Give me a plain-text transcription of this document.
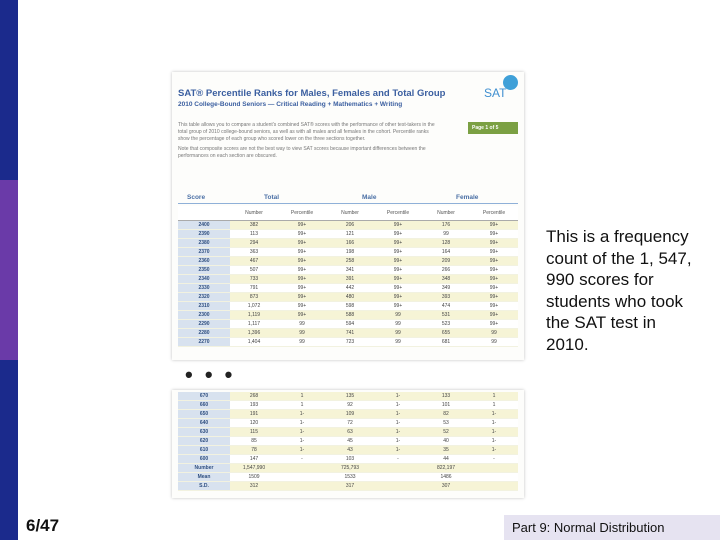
SAT
SAT® Percentile Ranks for Males, Females and Total Group
2010 College-Bound Seniors — Critical Reading + Mathematics + Writing

This table allows you to compare a student's combined SAT® scores with the performance of other test-takers in the total group of 2010 college-bound seniors, as well as with all males and all females in the cohort. Percentile ranks show the percentage of each group who scored lower on the three sections together.

Note that composite scores are not the best way to view SAT scores because important differences between the performances on each section are obscured.

Page 1 of 5
Score	Total	Male	Female
	Number	Percentile	Number	Percentile	Number	Percentile
2400	382	99+	206	99+	176	99+
2390	113	99+	121	99+	99	99+
2380	294	99+	166	99+	128	99+
2370	363	99+	198	99+	164	99+
2360	467	99+	258	99+	209	99+
2350	507	99+	341	99+	266	99+
2340	733	99+	391	99+	348	99+
2330	791	99+	442	99+	349	99+
2320	873	99+	480	99+	393	99+
2310	1,072	99+	598	99+	474	99+
2300	1,119	99+	588	99	531	99+
2290	1,117	99	594	99	523	99+
2280	1,396	99	741	99	655	99
2270	1,404	99	723	99	681	99
• • •
670	268	1	135	1-	133	1
660	193	1	92	1-	101	1
650	191	1-	109	1-	82	1-
640	120	1-	72	1-	53	1-
630	115	1-	63	1-	52	1-
620	85	1-	45	1-	40	1-
610	78	1-	43	1-	35	1-
600	147	-	103	-	44	-
Number	1,547,990		725,793		822,197	
Mean	1509		1533		1486	
S.D.	312		317		307	
This is a frequency count of the 1, 547, 990 scores for students who took the SAT test in 2010.
6/47	Part 9: Normal Distribution
